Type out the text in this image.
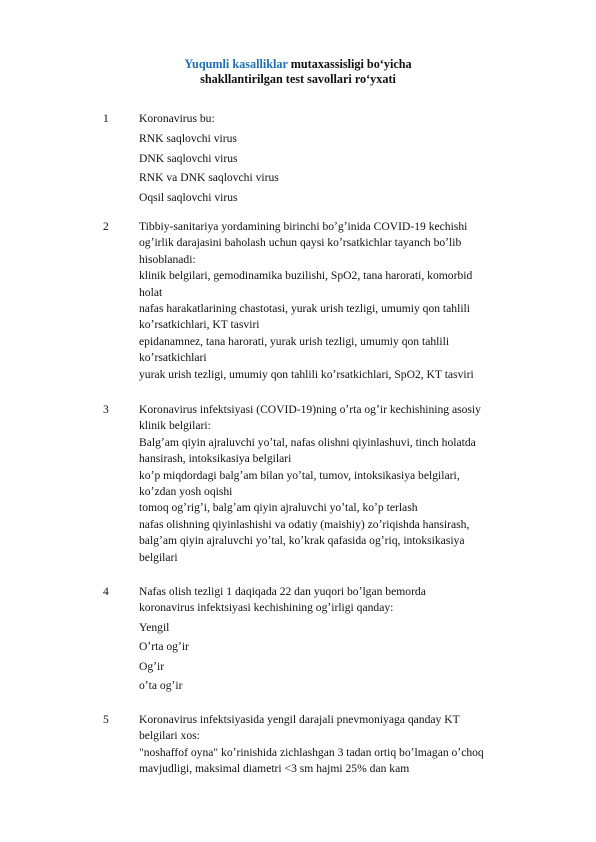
Yuqumli kasalliklar mutaxassisligi bo‘yicha
shakllantirilgan test savollari ro‘yxati
1	Koronavirus bu:
RNK saqlovchi virus
DNK saqlovchi virus
RNK va DNK saqlovchi virus
Oqsil saqlovchi virus
2	Tibbiy-sanitariya yordamining birinchi boʼgʼinida COVID-19 kechishi
ogʼirlik darajasini baholash uchun qaysi koʼrsatkichlar tayanch boʼlib
hisoblanadi:
klinik belgilari, gemodinamika buzilishi, SpO2, tana harorati, komorbid
holat
nafas harakatlarining chastotasi, yurak urish tezligi, umumiy qon tahlili
koʼrsatkichlari, KT tasviri
epidanamnez, tana harorati, yurak urish tezligi, umumiy qon tahlili
koʼrsatkichlari
yurak urish tezligi, umumiy qon tahlili koʼrsatkichlari, SpO2, KT tasviri
3	Koronavirus infektsiyasi (COVID-19)ning oʼrta ogʼir kechishining asosiy
klinik belgilari:
Balgʼam qiyin ajraluvchi yoʼtal, nafas olishni qiyinlashuvi, tinch holatda
hansirash, intoksikasiya belgilari
koʼp miqdordagi balgʼam bilan yoʼtal, tumov, intoksikasiya belgilari,
koʼzdan yosh oqishi
tomoq ogʼrigʼi, balgʼam qiyin ajraluvchi yoʼtal, koʼp terlash
nafas olishning qiyinlashishi va odatiy (maishiy) zoʼriqishda hansirash,
balgʼam qiyin ajraluvchi yoʼtal, koʼkrak qafasida ogʼriq, intoksikasiya
belgilari
4	Nafas olish tezligi 1 daqiqada 22 dan yuqori boʼlgan bemorda
koronavirus infektsiyasi kechishining ogʼirligi qanday:
Yengil
Oʼrta ogʼir
Ogʼir
oʼta ogʼir
5	Koronavirus infektsiyasida yengil darajali pnevmoniyaga qanday KT
belgilari xos:
"noshaffof oyna" koʼrinishida zichlashgan 3 tadan ortiq boʼlmagan oʼchoq
mavjudligi, maksimal diametri <3 sm hajmi 25% dan kam
